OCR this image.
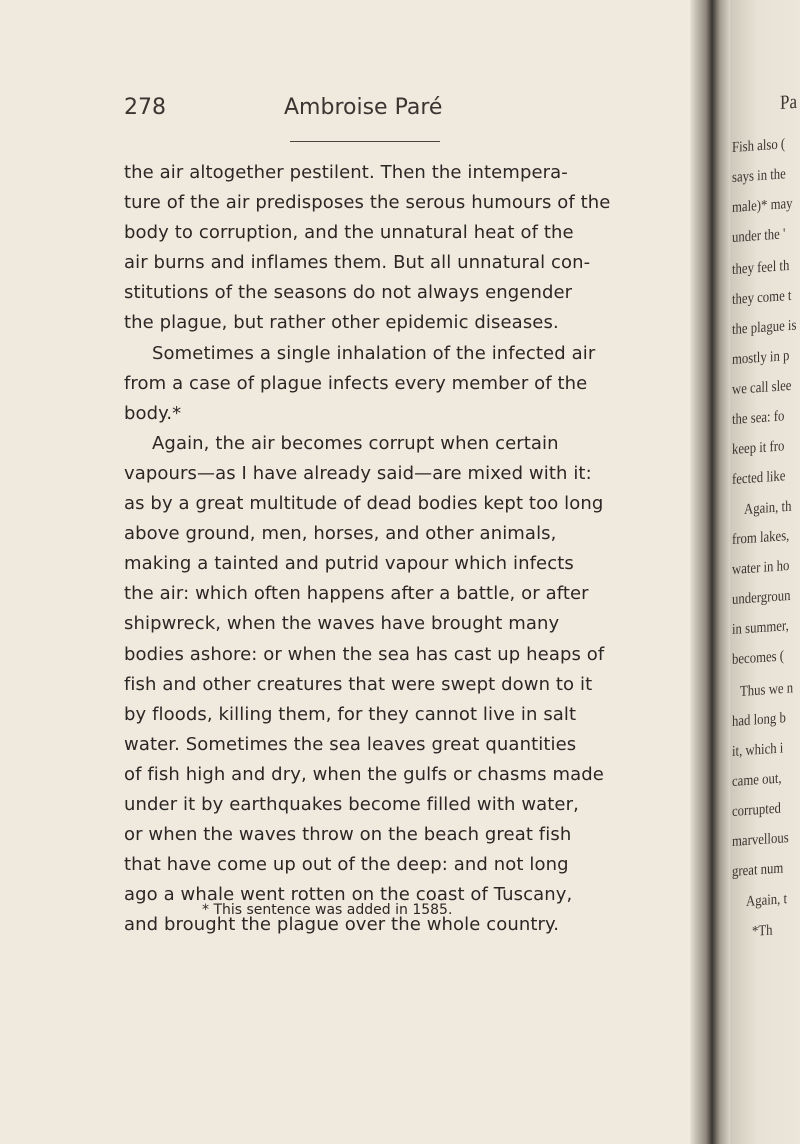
278	Ambroise Paré
the air altogether pestilent. Then the intempera-
ture of the air predisposes the serous humours of the
body to corruption, and the unnatural heat of the
air burns and inflames them. But all unnatural con-
stitutions of the seasons do not always engender
the plague, but rather other epidemic diseases.
Sometimes a single inhalation of the infected air
from a case of plague infects every member of the
body.*
Again, the air becomes corrupt when certain
vapours—as I have already said—are mixed with it:
as by a great multitude of dead bodies kept too long
above ground, men, horses, and other animals,
making a tainted and putrid vapour which infects
the air: which often happens after a battle, or after
shipwreck, when the waves have brought many
bodies ashore: or when the sea has cast up heaps of
fish and other creatures that were swept down to it
by floods, killing them, for they cannot live in salt
water. Sometimes the sea leaves great quantities
of fish high and dry, when the gulfs or chasms made
under it by earthquakes become filled with water,
or when the waves throw on the beach great fish
that have come up out of the deep: and not long
ago a whale went rotten on the coast of Tuscany,
and brought the plague over the whole country.
* This sentence was added in 1585.
Pa
Fish also (
says in the
male)* may
under the '
they feel th
they come t
the plague is
mostly in p
we call slee
the sea: fo
keep it fro
fected like
Again, th
from lakes,
water in ho
undergroun
in summer,
becomes (
Thus we n
had long b
it, which i
came out,
corrupted
marvellous
great num
Again, t
*Th
